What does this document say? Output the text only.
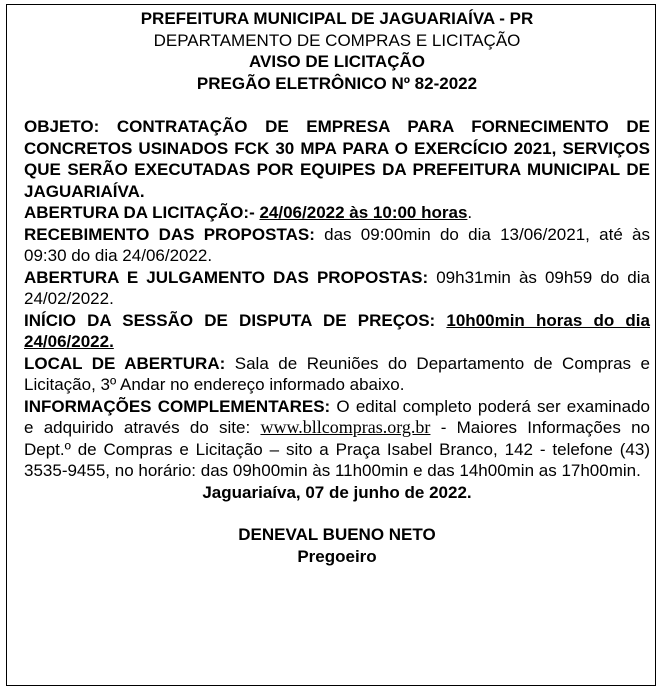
PREFEITURA MUNICIPAL DE JAGUARIAÍVA - PR

DEPARTAMENTO DE COMPRAS E LICITAÇÃO

AVISO DE LICITAÇÃO

PREGÃO ELETRÔNICO Nº 82-2022

OBJETO: CONTRATAÇÃO DE EMPRESA PARA FORNECIMENTO DE CONCRETOS USINADOS FCK 30 MPA PARA O EXERCÍCIO 2021, SERVIÇOS QUE SERÃO EXECUTADAS POR EQUIPES DA PREFEITURA MUNICIPAL DE JAGUARIAÍVA.

ABERTURA DA LICITAÇÃO:- 24/06/2022 às 10:00 horas.

RECEBIMENTO DAS PROPOSTAS: das 09:00min do dia 13/06/2021, até às 09:30 do dia 24/06/2022.

ABERTURA E JULGAMENTO DAS PROPOSTAS: 09h31min às 09h59 do dia 24/02/2022.

INÍCIO DA SESSÃO DE DISPUTA DE PREÇOS: 10h00min horas do dia 24/06/2022.

LOCAL DE ABERTURA: Sala de Reuniões do Departamento de Compras e Licitação, 3º Andar no endereço informado abaixo.

INFORMAÇÕES COMPLEMENTARES: O edital completo poderá ser examinado e adquirido através do site: www.bllcompras.org.br - Maiores Informações no Dept.º de Compras e Licitação – sito a Praça Isabel Branco, 142 - telefone (43) 3535-9455, no horário: das 09h00min às 11h00min e das 14h00min as 17h00min.

Jaguariaíva, 07 de junho de 2022.

DENEVAL BUENO NETO

Pregoeiro
